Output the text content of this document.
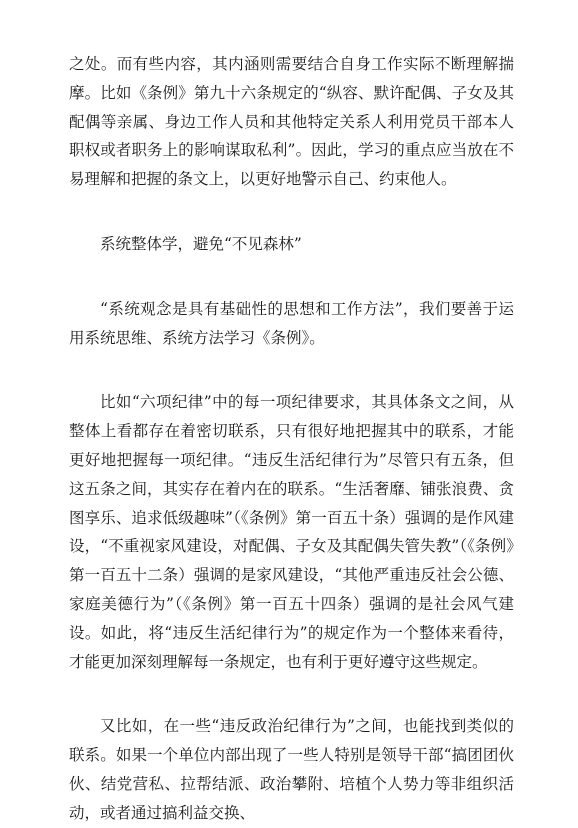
之处。而有些内容，其内涵则需要结合自身工作实际不断理解揣摩。比如《条例》第九十六条规定的“纵容、默许配偶、子女及其配偶等亲属、身边工作人员和其他特定关系人利用党员干部本人职权或者职务上的影响谋取私利”。因此，学习的重点应当放在不易理解和把握的条文上，以更好地警示自己、约束他人。

系统整体学，避免“不见森林”

“系统观念是具有基础性的思想和工作方法”，我们要善于运用系统思维、系统方法学习《条例》。

比如“六项纪律”中的每一项纪律要求，其具体条文之间，从整体上看都存在着密切联系，只有很好地把握其中的联系，才能更好地把握每一项纪律。“违反生活纪律行为”尽管只有五条，但这五条之间，其实存在着内在的联系。“生活奢靡、铺张浪费、贪图享乐、追求低级趣味”（《条例》第一百五十条）强调的是作风建设，“不重视家风建设，对配偶、子女及其配偶失管失教”（《条例》第一百五十二条）强调的是家风建设，“其他严重违反社会公德、家庭美德行为”（《条例》第一百五十四条）强调的是社会风气建设。如此，将“违反生活纪律行为”的规定作为一个整体来看待，才能更加深刻理解每一条规定，也有利于更好遵守这些规定。

又比如，在一些“违反政治纪律行为”之间，也能找到类似的联系。如果一个单位内部出现了一些人特别是领导干部“搞团团伙伙、结党营私、拉帮结派、政治攀附、培植个人势力等非组织活动，或者通过搞利益交换、
